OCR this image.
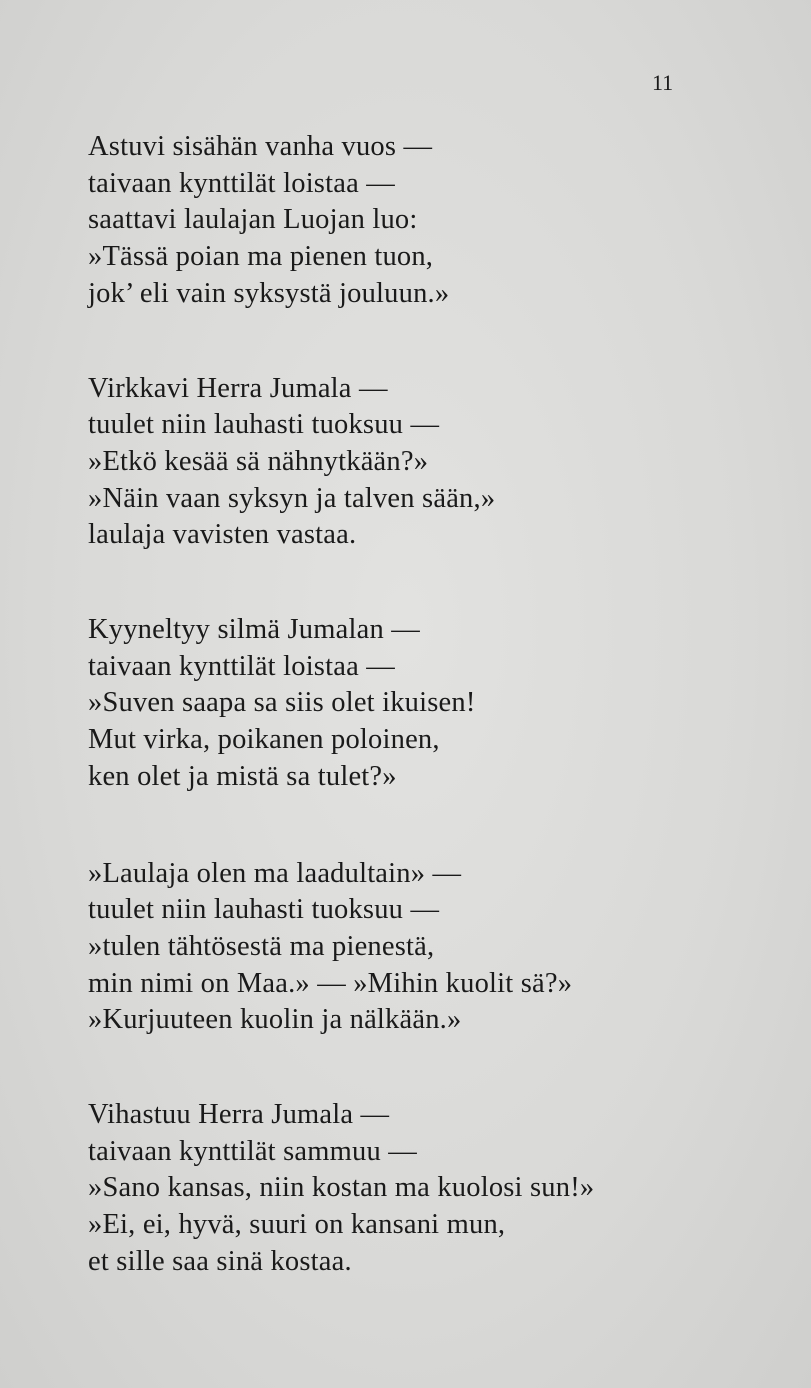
11
Astuvi sisähän vanha vuos —
taivaan kynttilät loistaa —
saattavi laulajan Luojan luo:
»Tässä poian ma pienen tuon,
jok’ eli vain syksystä jouluun.»
Virkkavi Herra Jumala —
tuulet niin lauhasti tuoksuu —
»Etkö kesää sä nähnytkään?»
»Näin vaan syksyn ja talven sään,»
laulaja vavisten vastaa.
Kyyneltyy silmä Jumalan —
taivaan kynttilät loistaa —
»Suven saapa sa siis olet ikuisen!
Mut virka, poikanen poloinen,
ken olet ja mistä sa tulet?»
»Laulaja olen ma laadultain» —
tuulet niin lauhasti tuoksuu —
»tulen tähtösestä ma pienestä,
min nimi on Maa.» — »Mihin kuolit sä?»
»Kurjuuteen kuolin ja nälkään.»
Vihastuu Herra Jumala —
taivaan kynttilät sammuu —
»Sano kansas, niin kostan ma kuolosi sun!»
»Ei, ei, hyvä, suuri on kansani mun,
et sille saa sinä kostaa.
